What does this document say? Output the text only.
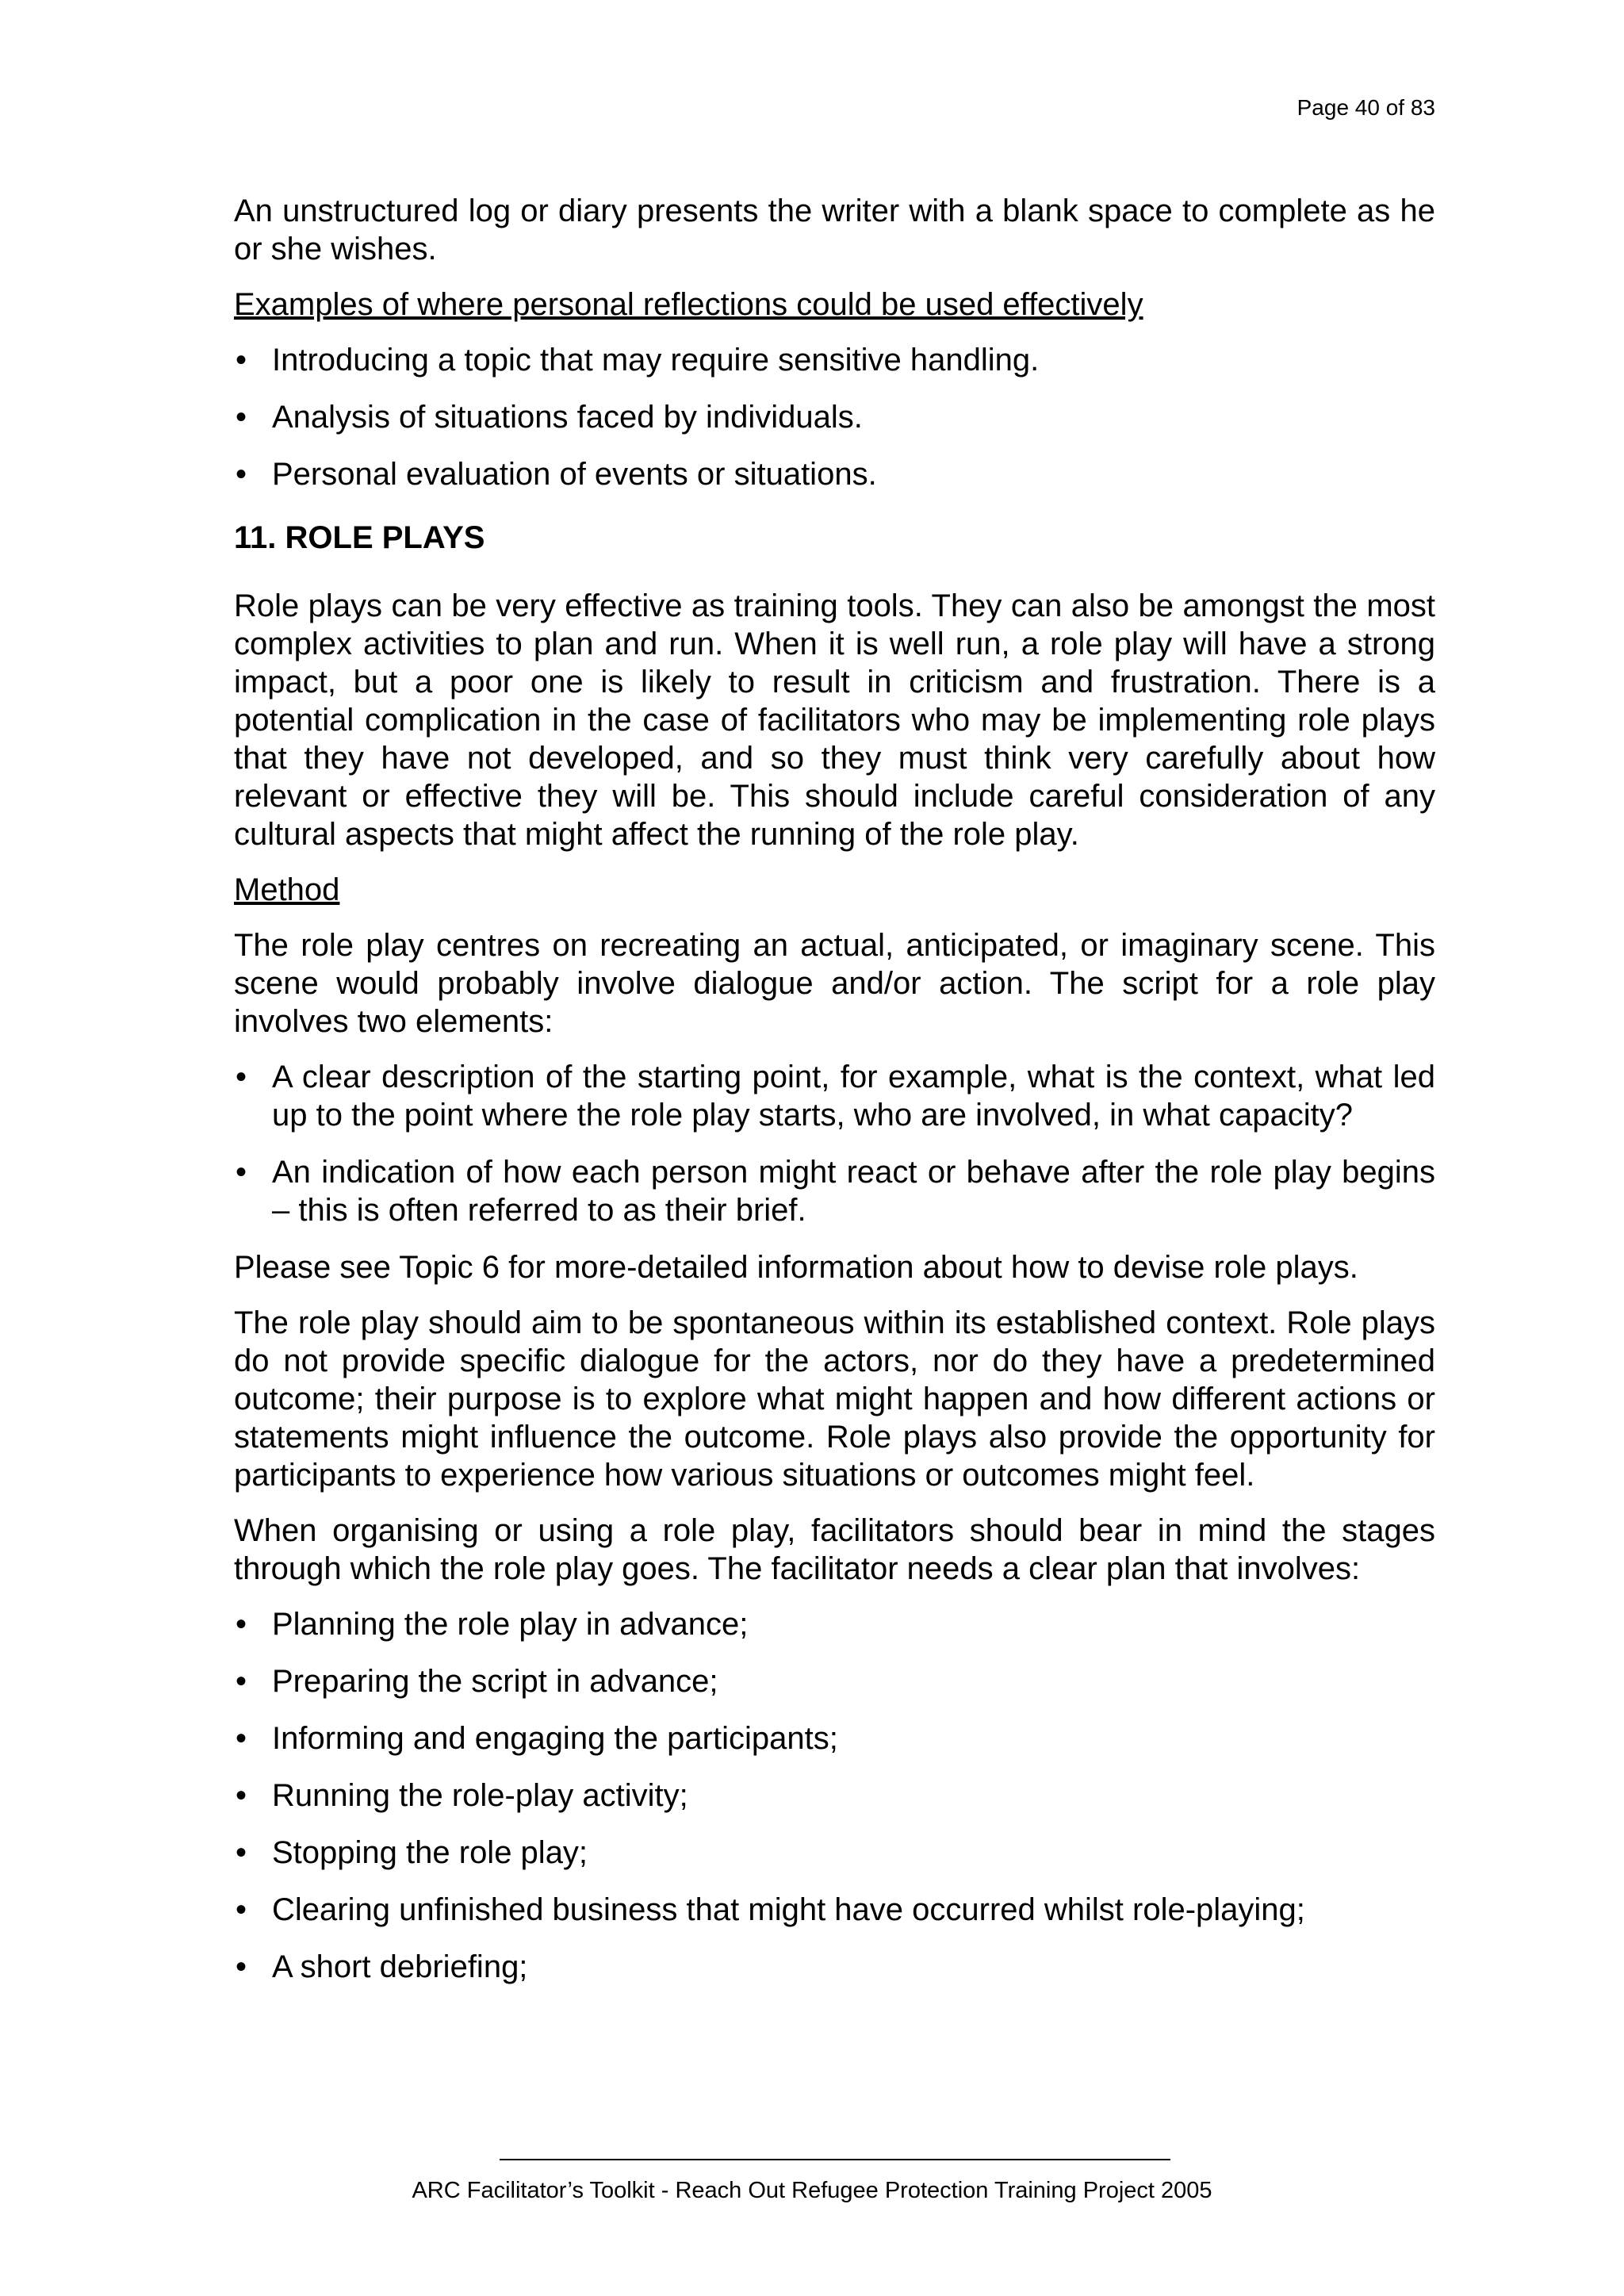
Page 40 of 83

An unstructured log or diary presents the writer with a blank space to complete as he or she wishes.

Examples of where personal reflections could be used effectively
• Introducing a topic that may require sensitive handling.
• Analysis of situations faced by individuals.
• Personal evaluation of events or situations.
11. ROLE PLAYS

Role plays can be very effective as training tools. They can also be amongst the most complex activities to plan and run. When it is well run, a role play will have a strong impact, but a poor one is likely to result in criticism and frustration. There is a potential complication in the case of facilitators who may be implementing role plays that they have not developed, and so they must think very carefully about how relevant or effective they will be. This should include careful consideration of any cultural aspects that might affect the running of the role play.

Method

The role play centres on recreating an actual, anticipated, or imaginary scene. This scene would probably involve dialogue and/or action. The script for a role play involves two elements:

• A clear description of the starting point, for example, what is the context, what led up to the point where the role play starts, who are involved, in what capacity?
• An indication of how each person might react or behave after the role play begins – this is often referred to as their brief.

Please see Topic 6 for more-detailed information about how to devise role plays.

The role play should aim to be spontaneous within its established context. Role plays do not provide specific dialogue for the actors, nor do they have a predetermined outcome; their purpose is to explore what might happen and how different actions or statements might influence the outcome. Role plays also provide the opportunity for participants to experience how various situations or outcomes might feel.

When organising or using a role play, facilitators should bear in mind the stages through which the role play goes. The facilitator needs a clear plan that involves:

• Planning the role play in advance;
• Preparing the script in advance;
• Informing and engaging the participants;
• Running the role-play activity;
• Stopping the role play;
• Clearing unfinished business that might have occurred whilst role-playing;
• A short debriefing;
ARC Facilitator’s Toolkit - Reach Out Refugee Protection Training Project 2005
